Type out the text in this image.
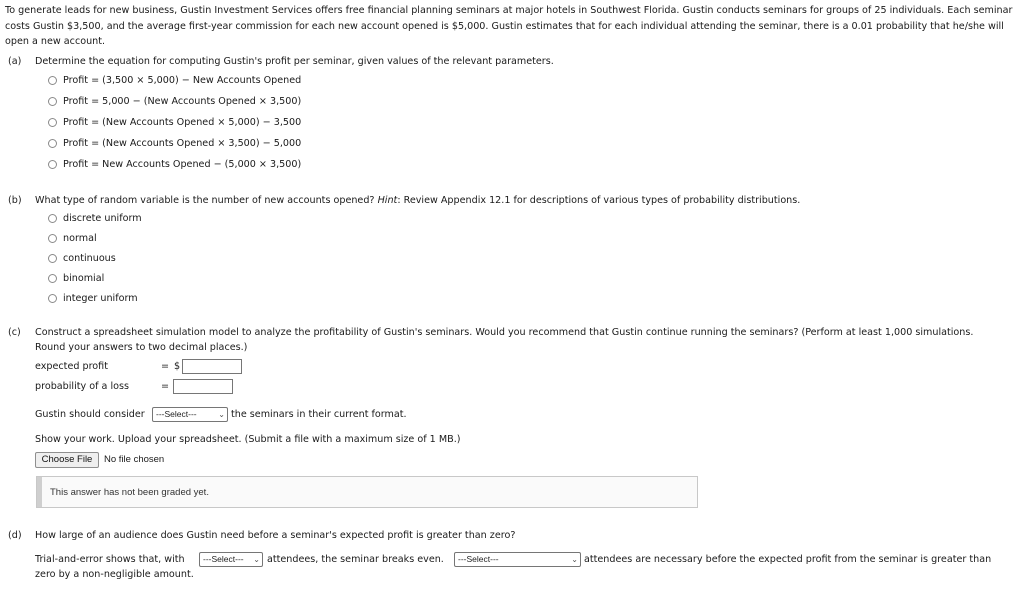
To generate leads for new business, Gustin Investment Services offers free financial planning seminars at major hotels in Southwest Florida. Gustin conducts seminars for groups of 25 individuals. Each seminar costs Gustin $3,500, and the average first-year commission for each new account opened is $5,000. Gustin estimates that for each individual attending the seminar, there is a 0.01 probability that he/she will open a new account.
(a) Determine the equation for computing Gustin's profit per seminar, given values of the relevant parameters.
Profit = (3,500 × 5,000) − New Accounts Opened
Profit = 5,000 − (New Accounts Opened × 3,500)
Profit = (New Accounts Opened × 5,000) − 3,500
Profit = (New Accounts Opened × 3,500) − 5,000
Profit = New Accounts Opened − (5,000 × 3,500)
(b) What type of random variable is the number of new accounts opened? Hint: Review Appendix 12.1 for descriptions of various types of probability distributions.
discrete uniform
normal
continuous
binomial
integer uniform
(c) Construct a spreadsheet simulation model to analyze the profitability of Gustin's seminars. Would you recommend that Gustin continue running the seminars? (Perform at least 1,000 simulations.
Round your answers to two decimal places.)
expected profit	= $
probability of a loss	=
Gustin should consider	---Select---	⌄ the seminars in their current format.
Show your work. Upload your spreadsheet. (Submit a file with a maximum size of 1 MB.)
Choose File	No file chosen
This answer has not been graded yet.
(d) How large of an audience does Gustin need before a seminar's expected profit is greater than zero?
Trial-and-error shows that, with	---Select--- ⌄ attendees, the seminar breaks even.	---Select---	⌄ attendees are necessary before the expected profit from the seminar is greater than
zero by a non-negligible amount.
